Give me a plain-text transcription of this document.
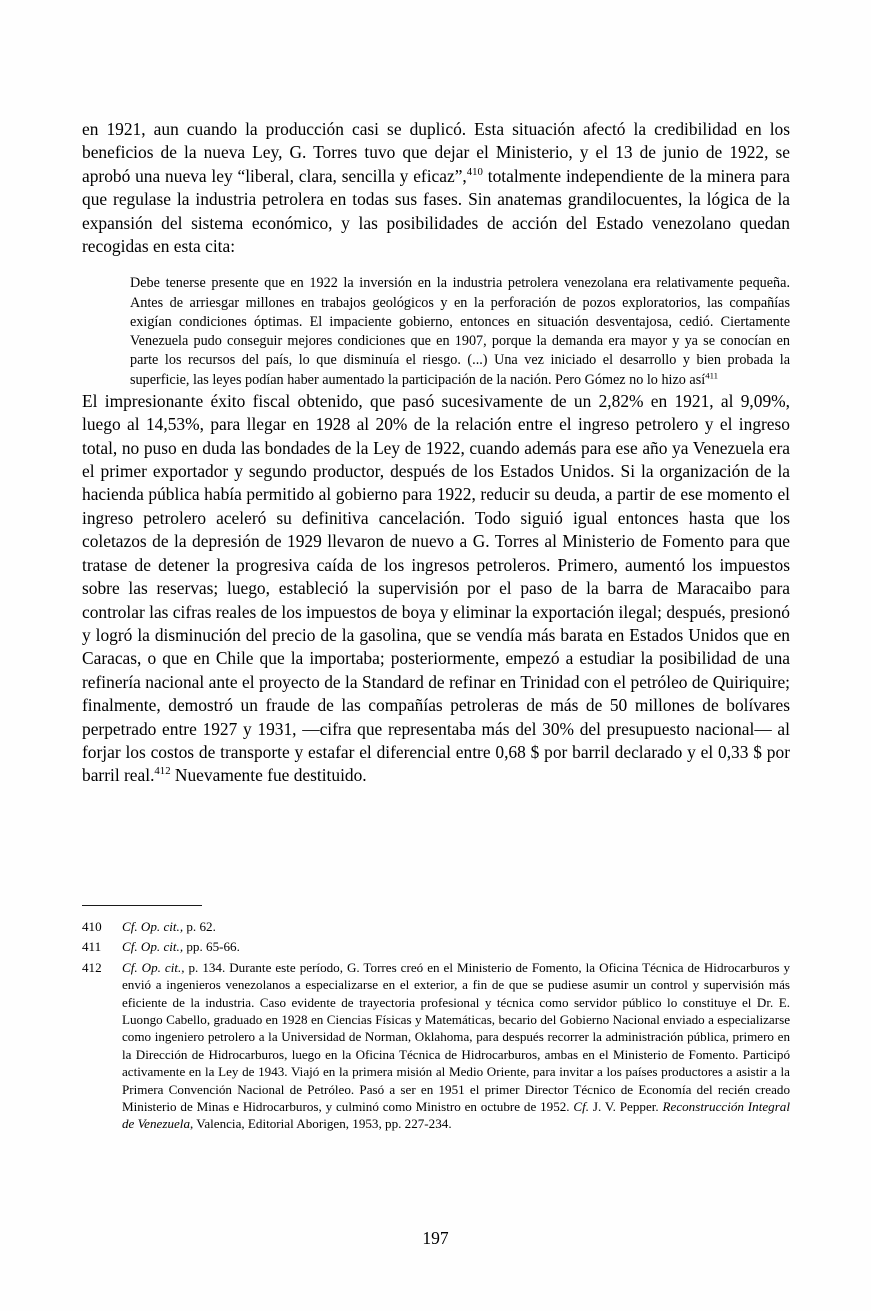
en 1921, aun cuando la producción casi se duplicó. Esta situación afectó la credibilidad en los beneficios de la nueva Ley, G. Torres tuvo que dejar el Ministerio, y el 13 de junio de 1922, se aprobó una nueva ley “liberal, clara, sencilla y eficaz”,$^{410}$ totalmente independiente de la minera para que regulase la industria petrolera en todas sus fases. Sin anatemas grandilocuentes, la lógica de la expansión del sistema económico, y las posibilidades de acción del Estado venezolano quedan recogidas en esta cita:

Debe tenerse presente que en 1922 la inversión en la industria petrolera venezolana era relativamente pequeña. Antes de arriesgar millones en trabajos geológicos y en la perforación de pozos exploratorios, las compañías exigían condiciones óptimas. El impaciente gobierno, entonces en situación desventajosa, cedió. Ciertamente Venezuela pudo conseguir mejores condiciones que en 1907, porque la demanda era mayor y ya se conocían en parte los recursos del país, lo que disminuía el riesgo. (...) Una vez iniciado el desarrollo y bien probada la superficie, las leyes podían haber aumentado la participación de la nación. Pero Gómez no lo hizo así$^{411}$

El impresionante éxito fiscal obtenido, que pasó sucesivamente de un 2,82% en 1921, al 9,09%, luego al 14,53%, para llegar en 1928 al 20% de la relación entre el ingreso petrolero y el ingreso total, no puso en duda las bondades de la Ley de 1922, cuando además para ese año ya Venezuela era el primer exportador y segundo productor, después de los Estados Unidos. Si la organización de la hacienda pública había permitido al gobierno para 1922, reducir su deuda, a partir de ese momento el ingreso petrolero aceleró su definitiva cancelación. Todo siguió igual entonces hasta que los coletazos de la depresión de 1929 llevaron de nuevo a G. Torres al Ministerio de Fomento para que tratase de detener la progresiva caída de los ingresos petroleros. Primero, aumentó los impuestos sobre las reservas; luego, estableció la supervisión por el paso de la barra de Maracaibo para controlar las cifras reales de los impuestos de boya y eliminar la exportación ilegal; después, presionó y logró la disminución del precio de la gasolina, que se vendía más barata en Estados Unidos que en Caracas, o que en Chile que la importaba; posteriormente, empezó a estudiar la posibilidad de una refinería nacional ante el proyecto de la Standard de refinar en Trinidad con el petróleo de Quiriquire; finalmente, demostró un fraude de las compañías petroleras de más de 50 millones de bolívares perpetrado entre 1927 y 1931, —cifra que representaba más del 30% del presupuesto nacional— al forjar los costos de transporte y estafar el diferencial entre 0,68 $ por barril declarado y el 0,33 $ por barril real.$^{412}$ Nuevamente fue destituido.

410	Cf. Op. cit., p. 62.
411	Cf. Op. cit., pp. 65-66.
412	Cf. Op. cit., p. 134. Durante este período, G. Torres creó en el Ministerio de Fomento, la Oficina Técnica de Hidrocarburos y envió a ingenieros venezolanos a especializarse en el exterior, a fin de que se pudiese asumir un control y supervisión más eficiente de la industria. Caso evidente de trayectoria profesional y técnica como servidor público lo constituye el Dr. E. Luongo Cabello, graduado en 1928 en Ciencias Físicas y Matemáticas, becario del Gobierno Nacional enviado a especializarse como ingeniero petrolero a la Universidad de Norman, Oklahoma, para después recorrer la administración pública, primero en la Dirección de Hidrocarburos, luego en la Oficina Técnica de Hidrocarburos, ambas en el Ministerio de Fomento. Participó activamente en la Ley de 1943. Viajó en la primera misión al Medio Oriente, para invitar a los países productores a asistir a la Primera Convención Nacional de Petróleo. Pasó a ser en 1951 el primer Director Técnico de Economía del recién creado Ministerio de Minas e Hidrocarburos, y culminó como Ministro en octubre de 1952. Cf. J. V. Pepper. Reconstrucción Integral de Venezuela, Valencia, Editorial Aborigen, 1953, pp. 227-234.
197
